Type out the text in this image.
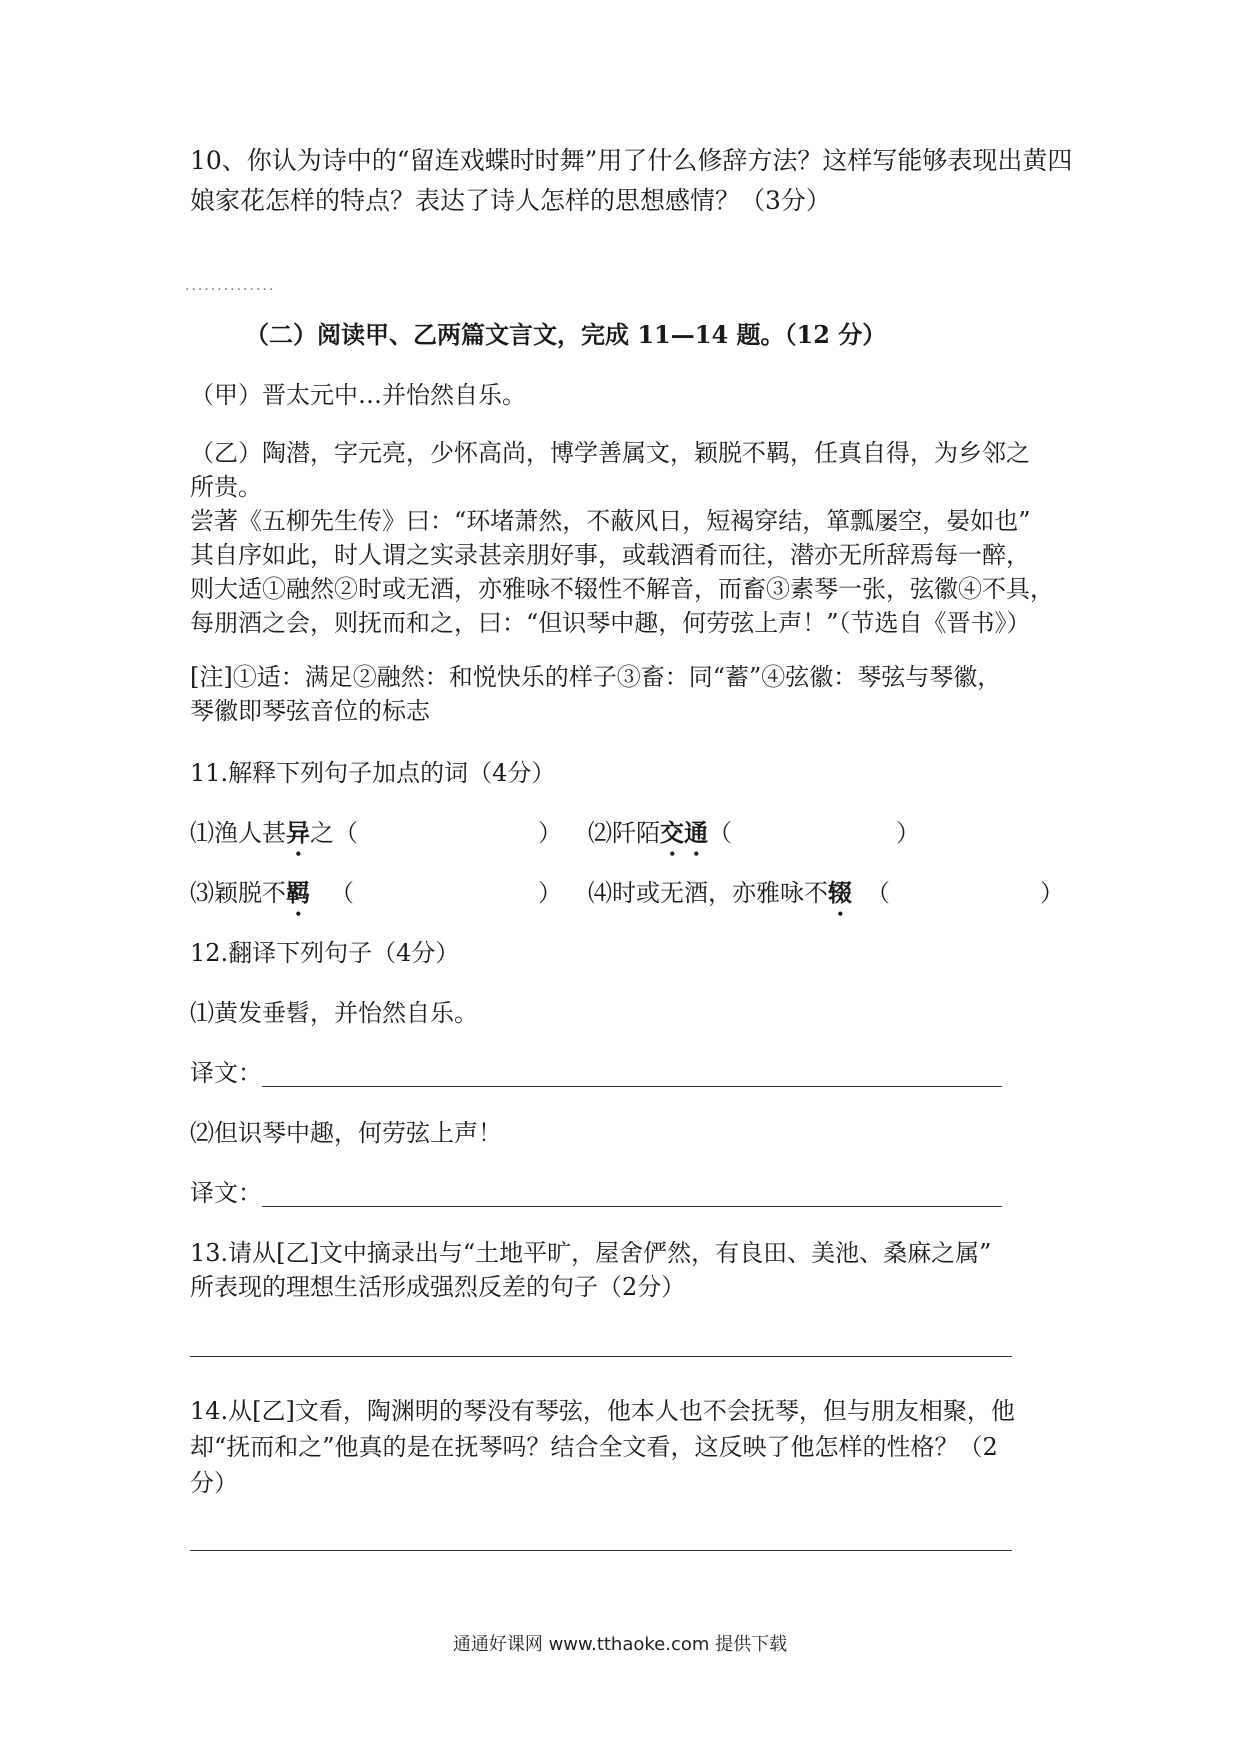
10、你认为诗中的“留连戏蝶时时舞”用了什么修辞方法？这样写能够表现出黄四
娘家花怎样的特点？表达了诗人怎样的思想感情？（3分）
··············
（二）阅读甲、乙两篇文言文，完成 11—14 题。（12 分）
（甲）晋太元中…并怡然自乐。
（乙）陶潜，字元亮，少怀高尚，博学善属文，颖脱不羁，任真自得，为乡邻之
所贵。
尝著《五柳先生传》曰：“环堵萧然，不蔽风日，短褐穿结，箪瓢屡空，晏如也”
其自序如此，时人谓之实录甚亲朋好事，或载酒肴而往，潜亦无所辞焉每一醉，
则大适①融然②时或无酒，亦雅咏不辍性不解音，而畜③素琴一张，弦徽④不具，
每朋酒之会，则抚而和之，曰：“但识琴中趣，何劳弦上声！”（节选自《晋书》）
[注]①适：满足②融然：和悦快乐的样子③畜：同“蓄”④弦徽：琴弦与琴徽，
琴徽即琴弦音位的标志
11.解释下列句子加点的词（4分）
⑴渔人甚异之（	） ⑵阡陌交通（	）
⑶颖脱不羁 （	） ⑷时或无酒，亦雅咏不辍 （	）
12.翻译下列句子（4分）
⑴黄发垂髫，并怡然自乐。
译文：
⑵但识琴中趣，何劳弦上声！
译文：
13.请从[乙]文中摘录出与“土地平旷，屋舍俨然，有良田、美池、桑麻之属”
所表现的理想生活形成强烈反差的句子（2分）
14.从[乙]文看，陶渊明的琴没有琴弦，他本人也不会抚琴，但与朋友相聚，他
却“抚而和之”他真的是在抚琴吗？结合全文看，这反映了他怎样的性格？（2
分）
通通好课网 www.tthaoke.com 提供下载
